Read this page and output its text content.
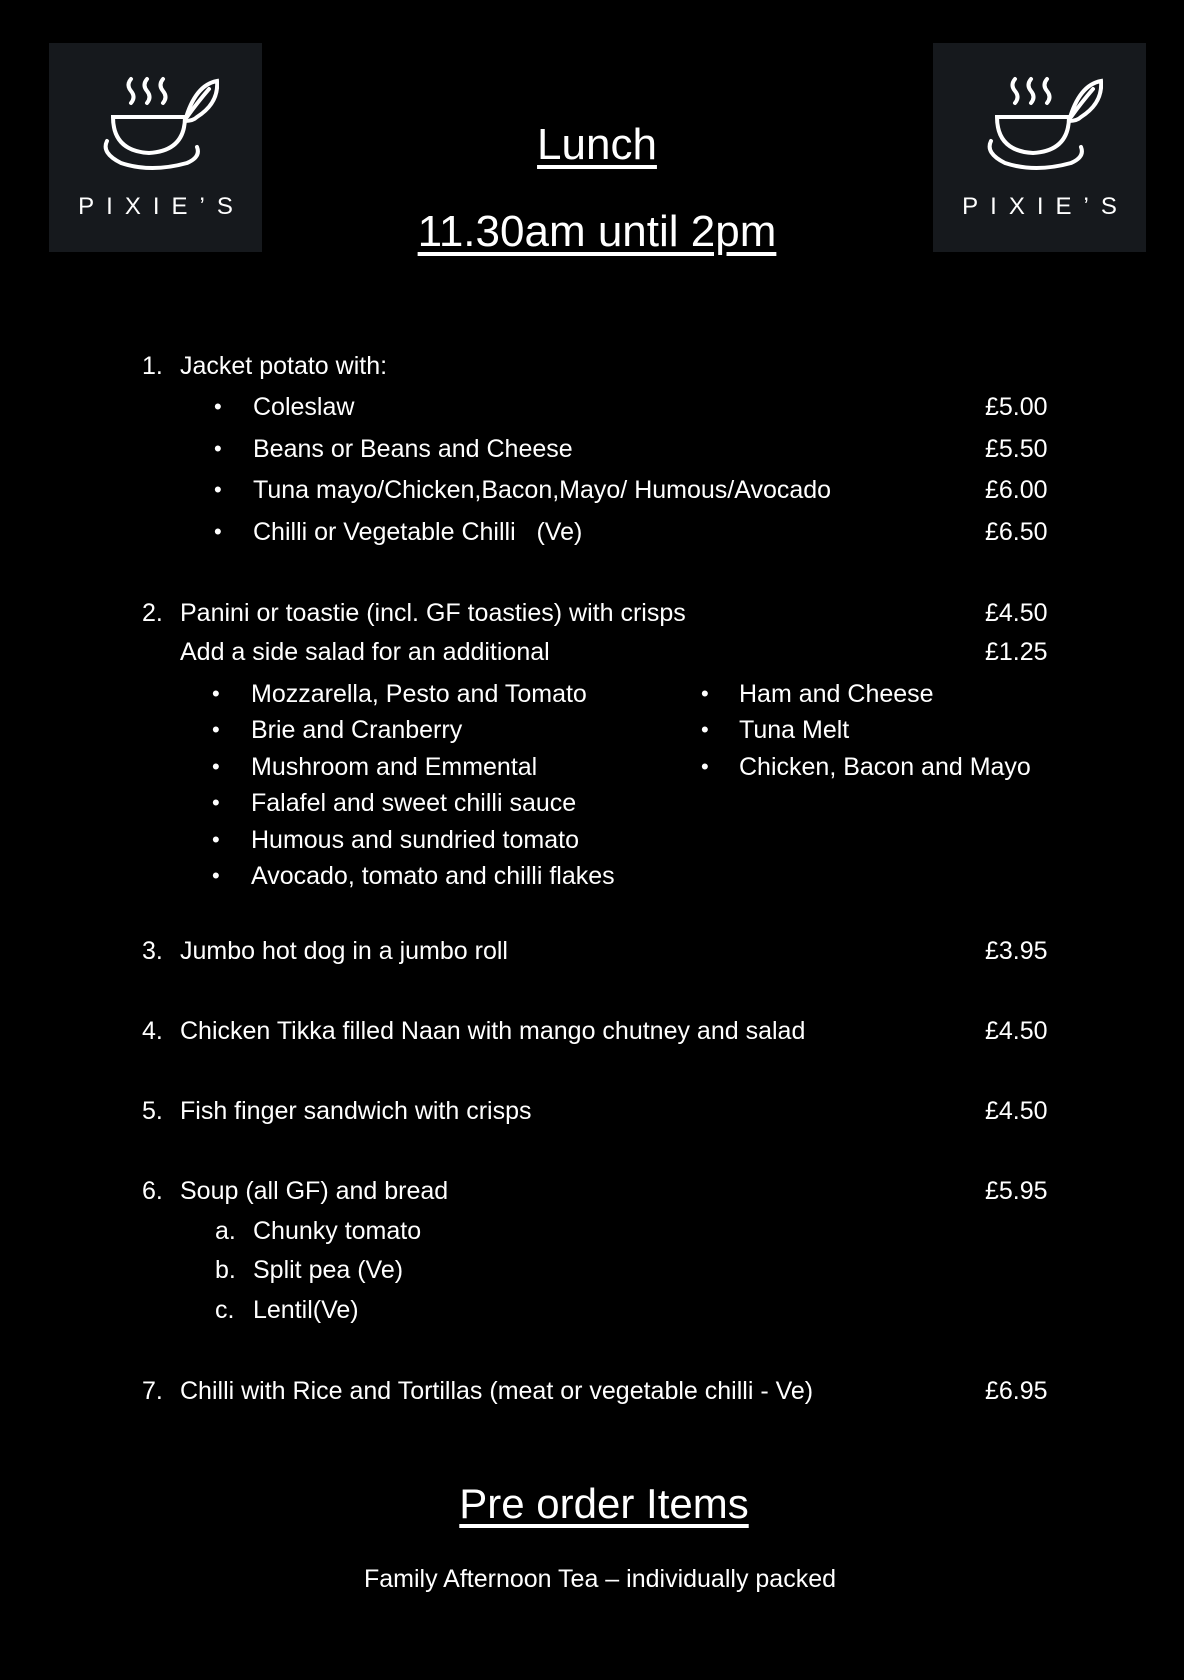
PIXIE’S	PIXIE’S
Lunch
11.30am until 2pm
1. Jacket potato with:
• Coleslaw	£5.00
• Beans or Beans and Cheese	£5.50
• Tuna mayo/Chicken,Bacon,Mayo/ Humous/Avocado	£6.00
• Chilli or Vegetable Chilli   (Ve)	£6.50
2. Panini or toastie (incl. GF toasties) with crisps	£4.50
Add a side salad for an additional	£1.25
• Mozzarella, Pesto and Tomato
• Brie and Cranberry
• Mushroom and Emmental
• Falafel and sweet chilli sauce
• Humous and sundried tomato
• Avocado, tomato and chilli flakes
• Ham and Cheese
• Tuna Melt
• Chicken, Bacon and Mayo
3. Jumbo hot dog in a jumbo roll	£3.95
4. Chicken Tikka filled Naan with mango chutney and salad	£4.50
5. Fish finger sandwich with crisps	£4.50
6. Soup (all GF) and bread	£5.95
a. Chunky tomato
b. Split pea (Ve)
c. Lentil(Ve)
7. Chilli with Rice and Tortillas (meat or vegetable chilli - Ve)	£6.95
Pre order Items
Family Afternoon Tea – individually packed
